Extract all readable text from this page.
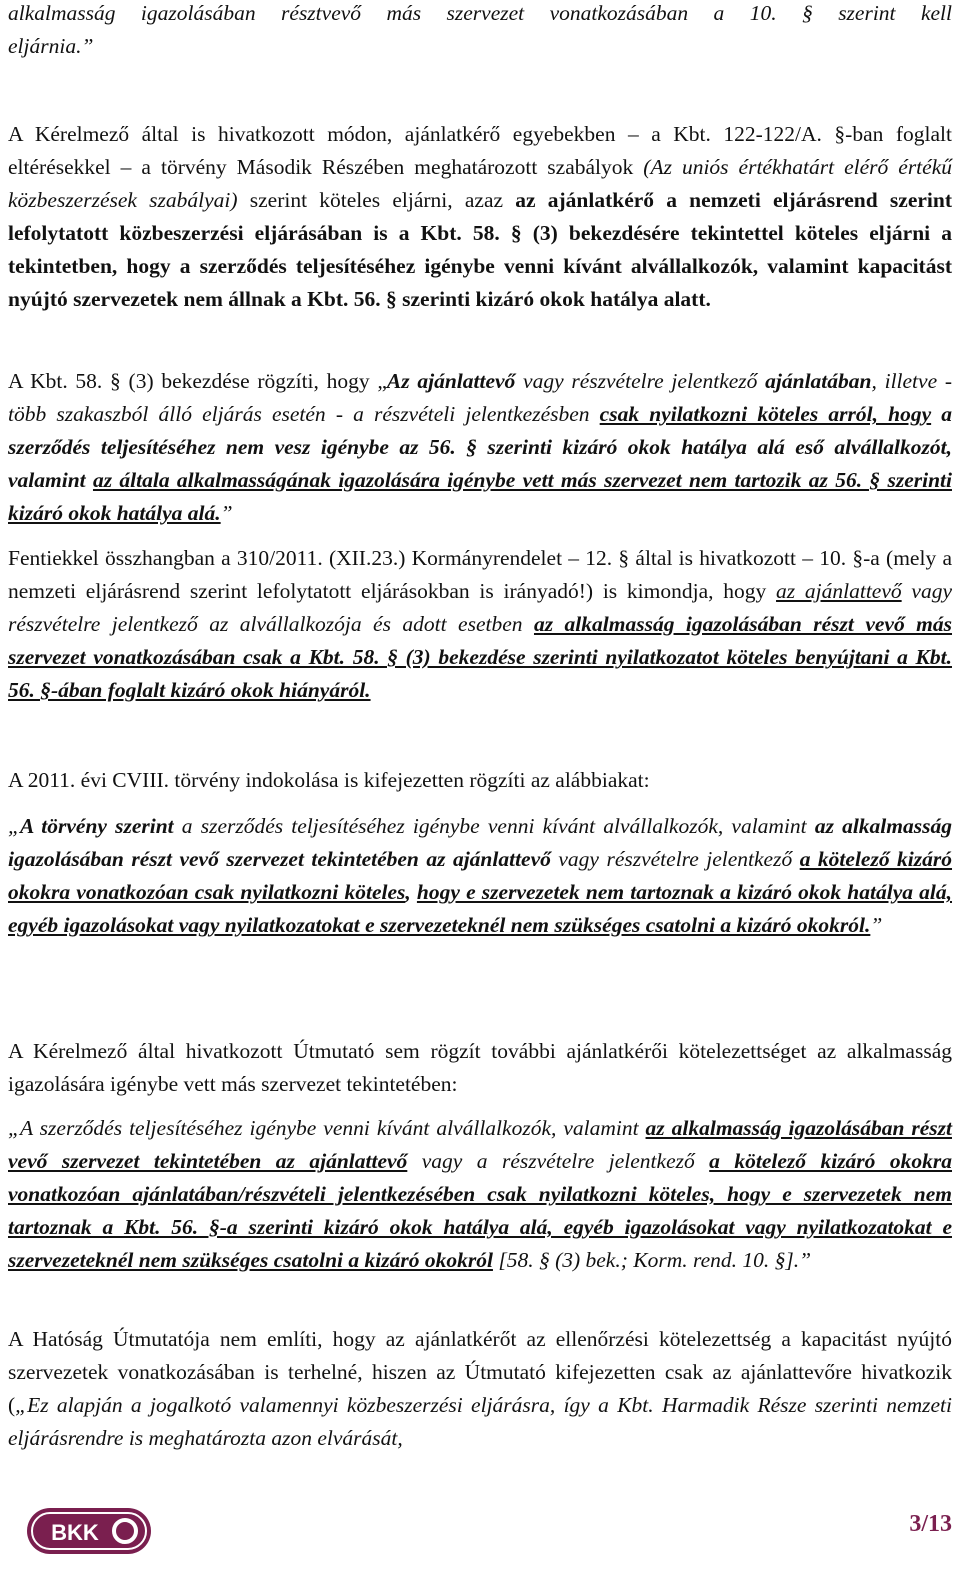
alkalmasság igazolásában résztvevő más szervezet vonatkozásában a 10. § szerint kell
eljárnia.”

A Kérelmező által is hivatkozott módon, ajánlatkérő egyebekben – a Kbt. 122-122/A. §-ban foglalt eltérésekkel – a törvény Második Részében meghatározott szabályok (Az uniós értékhatárt elérő értékű közbeszerzések szabályai) szerint köteles eljárni, azaz az ajánlatkérő a nemzeti eljárásrend szerint lefolytatott közbeszerzési eljárásában is a Kbt. 58. § (3) bekezdésére tekintettel köteles eljárni a tekintetben, hogy a szerződés teljesítéséhez igénybe venni kívánt alvállalkozók, valamint kapacitást nyújtó szervezetek nem állnak a Kbt. 56. § szerinti kizáró okok hatálya alatt.

A Kbt. 58. § (3) bekezdése rögzíti, hogy „Az ajánlattevő vagy részvételre jelentkező ajánlatában, illetve - több szakaszból álló eljárás esetén - a részvételi jelentkezésben csak nyilatkozni köteles arról, hogy a szerződés teljesítéséhez nem vesz igénybe az 56. § szerinti kizáró okok hatálya alá eső alvállalkozót, valamint az általa alkalmasságának igazolására igénybe vett más szervezet nem tartozik az 56. § szerinti kizáró okok hatálya alá.”

Fentiekkel összhangban a 310/2011. (XII.23.) Kormányrendelet – 12. § által is hivatkozott – 10. §-a (mely a nemzeti eljárásrend szerint lefolytatott eljárásokban is irányadó!) is kimondja, hogy az ajánlattevő vagy részvételre jelentkező az alvállalkozója és adott esetben az alkalmasság igazolásában részt vevő más szervezet vonatkozásában csak a Kbt. 58. § (3) bekezdése szerinti nyilatkozatot köteles benyújtani a Kbt. 56. §-ában foglalt kizáró okok hiányáról.

A 2011. évi CVIII. törvény indokolása is kifejezetten rögzíti az alábbiakat:

„A törvény szerint a szerződés teljesítéséhez igénybe venni kívánt alvállalkozók, valamint az alkalmasság igazolásában részt vevő szervezet tekintetében az ajánlattevő vagy részvételre jelentkező a kötelező kizáró okokra vonatkozóan csak nyilatkozni köteles, hogy e szervezetek nem tartoznak a kizáró okok hatálya alá, egyéb igazolásokat vagy nyilatkozatokat e szervezeteknél nem szükséges csatolni a kizáró okokról.”

A Kérelmező által hivatkozott Útmutató sem rögzít további ajánlatkérői kötelezettséget az alkalmasság igazolására igénybe vett más szervezet tekintetében:

„A szerződés teljesítéséhez igénybe venni kívánt alvállalkozók, valamint az alkalmasság igazolásában részt vevő szervezet tekintetében az ajánlattevő vagy a részvételre jelentkező a kötelező kizáró okokra vonatkozóan ajánlatában/részvételi jelentkezésében csak nyilatkozni köteles, hogy e szervezetek nem tartoznak a Kbt. 56. §-a szerinti kizáró okok hatálya alá, egyéb igazolásokat vagy nyilatkozatokat e szervezeteknél nem szükséges csatolni a kizáró okokról [58. § (3) bek.; Korm. rend. 10. §].”

A Hatóság Útmutatója nem említi, hogy az ajánlatkérőt az ellenőrzési kötelezettség a kapacitást nyújtó szervezetek vonatkozásában is terhelné, hiszen az Útmutató kifejezetten csak az ajánlattevőre hivatkozik („Ez alapján a jogalkotó valamennyi közbeszerzési eljárásra, így a Kbt. Harmadik Része szerinti nemzeti eljárásrendre is meghatározta azon elvárását,

BKK	3/13
